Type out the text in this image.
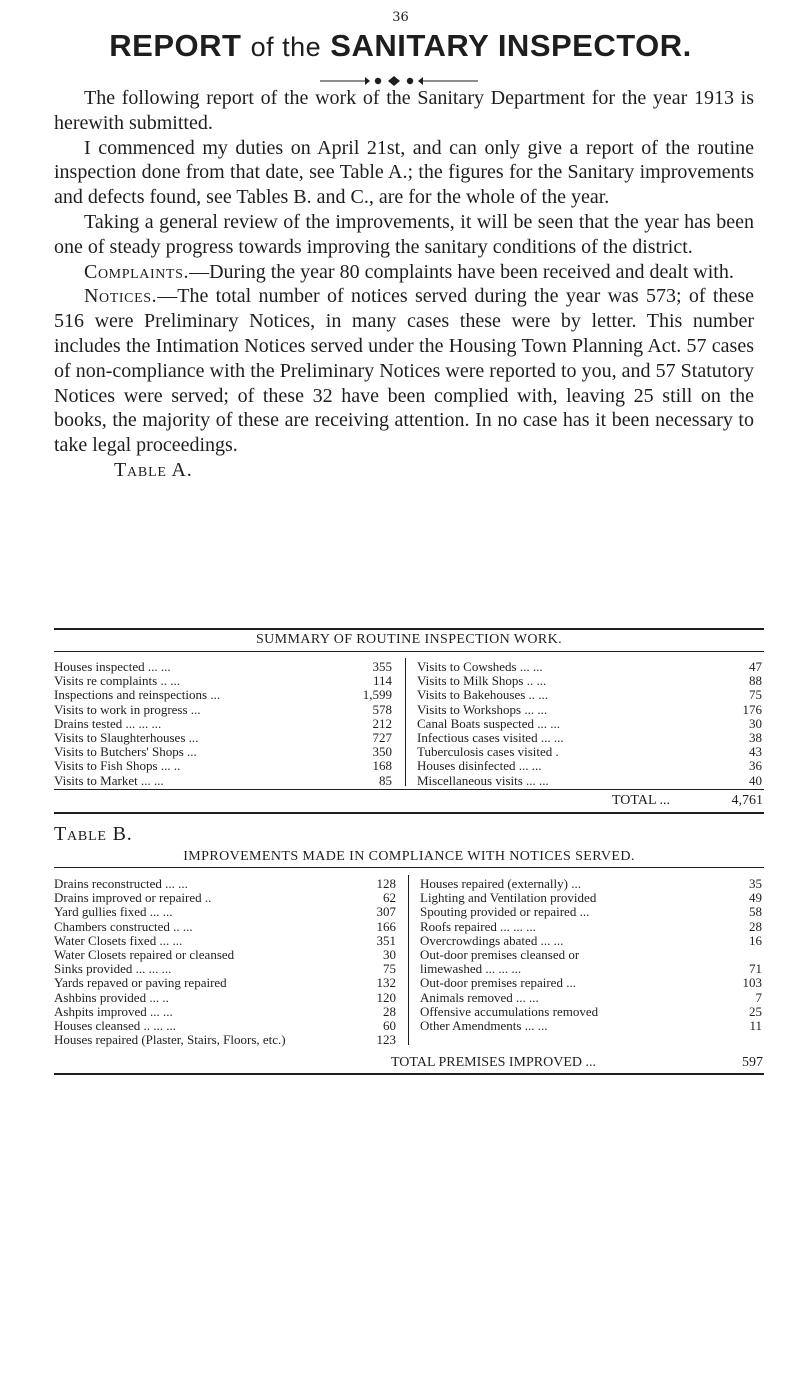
36
REPORT of the SANITARY INSPECTOR.

The following report of the work of the Sanitary Department for the year 1913 is herewith submitted.

I commenced my duties on April 21st, and can only give a report of the routine inspection done from that date, see Table A.; the figures for the Sanitary improvements and defects found, see Tables B. and C., are for the whole of the year.

Taking a general review of the improvements, it will be seen that the year has been one of steady progress towards improving the sanitary conditions of the district.

Complaints.—During the year 80 complaints have been received and dealt with.

Notices.—The total number of notices served during the year was 573; of these 516 were Preliminary Notices, in many cases these were by letter. This number includes the Intimation Notices served under the Housing Town Planning Act. 57 cases of non-compliance with the Preliminary Notices were reported to you, and 57 Statutory Notices were served; of these 32 have been complied with, leaving 25 still on the books, the majority of these are receiving attention. In no case has it been necessary to take legal proceedings.

Table A.

SUMMARY OF ROUTINE INSPECTION WORK.
Houses inspected ... ...	355
Visits re complaints .. ...	114
Inspections and reinspections ...	1,599
Visits to work in progress ...	578
Drains tested ... ... ...	212
Visits to Slaughterhouses ...	727
Visits to Butchers' Shops ...	350
Visits to Fish Shops ... ..	168
Visits to Market ... ...	85
Visits to Cowsheds ... ...	47
Visits to Milk Shops .. ...	88
Visits to Bakehouses .. ...	75
Visits to Workshops ... ...	176
Canal Boats suspected ... ...	30
Infectious cases visited ... ...	38
Tuberculosis cases visited .	43
Houses disinfected ... ...	36
Miscellaneous visits ... ...	40
TOTAL ...	4,761
Table B.
IMPROVEMENTS MADE IN COMPLIANCE WITH NOTICES SERVED.
Drains reconstructed ... ...	128
Drains improved or repaired ..	62
Yard gullies fixed ... ...	307
Chambers constructed .. ...	166
Water Closets fixed ... ...	351
Water Closets repaired or cleansed	30
Sinks provided ... ... ...	75
Yards repaved or paving repaired	132
Ashbins provided ... ..	120
Ashpits improved ... ...	28
Houses cleansed .. ... ...	60
Houses repaired (Plaster, Stairs, Floors, etc.)	123
Houses repaired (externally) ...	35
Lighting and Ventilation provided	49
Spouting provided or repaired ...	58
Roofs repaired ... ... ...	28
Overcrowdings abated ... ...	16
Out-door premises cleansed or
limewashed ... ... ...	71
Out-door premises repaired ...	103
Animals removed ... ...	7
Offensive accumulations removed	25
Other Amendments ... ...	11
TOTAL PREMISES IMPROVED ...	597
